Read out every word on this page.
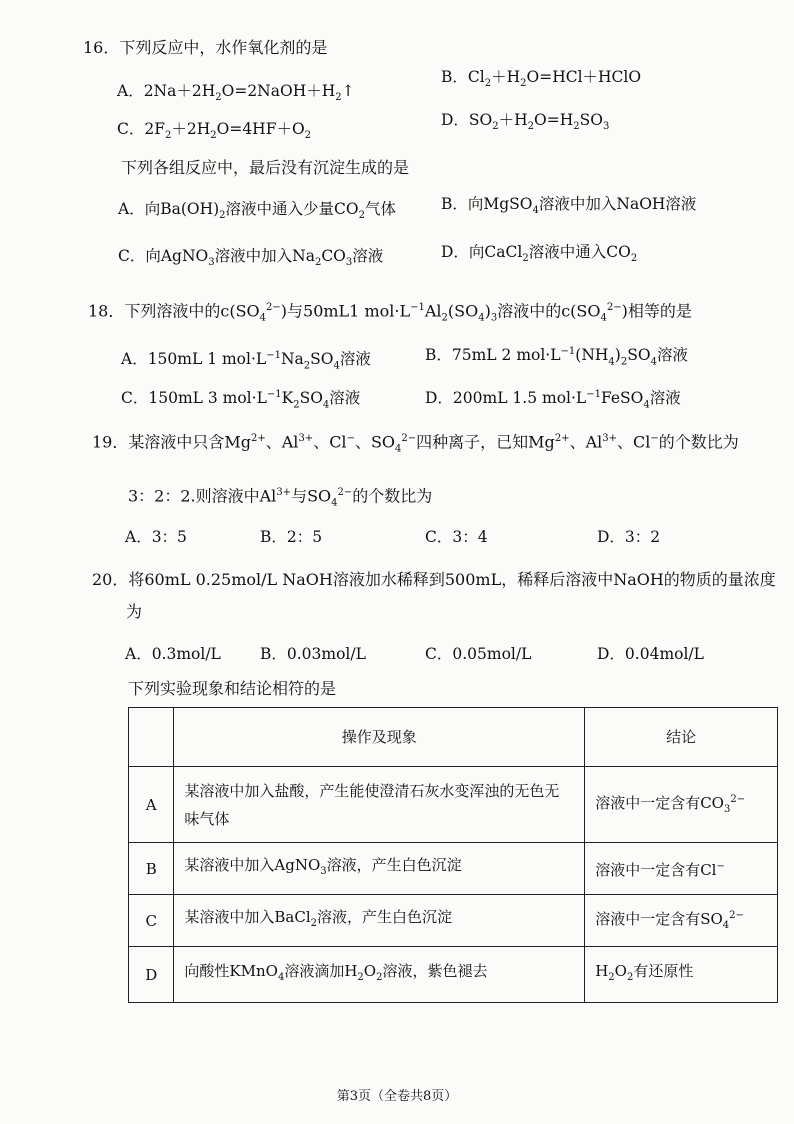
16．下列反应中，水作氧化剂的是
A．$2Na+2H_2O=2NaOH+H_2↑$
B．$Cl_2+H_2O=HCl+HClO$
C．$2F_2+2H_2O=4HF+O_2$
D．$SO_2+H_2O=H_2SO_3$
下列各组反应中，最后没有沉淀生成的是
A．向$Ba(OH)_2$溶液中通入少量$CO_2$气体	B．向MgSO$_4$溶液中加入NaOH溶液
C．向AgNO$_3$溶液中加入$Na_2CO_3$溶液	D．向CaCl$_2$溶液中通入$CO_2$
18．下列溶液中的$c(SO_4^{2-})$与50mL1 $mol\cdot L^{-1}Al_2(SO_4)_3$溶液中的$c(SO_4^{2-})$相等的是
A．150mL 1 $mol\cdot L^{-1}Na_2SO_4$溶液	B．75mL 2 $mol\cdot L^{-1}(NH_4)_2SO_4$溶液
C．150mL 3 $mol\cdot L^{-1}K_2SO_4$溶液	D．200mL 1.5 $mol\cdot L^{-1}FeSO_4$溶液
19．某溶液中只含$Mg^{2+}$、$Al^{3+}$、Cl−、$SO_4^{2-}$四种离子，已知$Mg^{2+}$、$Al^{3+}$、Cl−的个数比为
3：2：2.则溶液中$Al^{3+}$与$SO_4^{2-}$的个数比为
A．3：5	B．2：5	C．3：4	D．3：2
20．将60mL 0.25mol/L NaOH溶液加水稀释到500mL，稀释后溶液中NaOH的物质的量浓度
为
A．0.3mol/L	B．0.03mol/L	C．0.05mol/L	D．0.04mol/L
下列实验现象和结论相符的是
	操作及现象	结论
A	某溶液中加入盐酸，产生能使澄清石灰水变浑浊的无色无味气体	溶液中一定含有$CO_3^{2-}$
B	某溶液中加入AgNO$_3$溶液，产生白色沉淀	溶液中一定含有Cl−
C	某溶液中加入BaCl$_2$溶液，产生白色沉淀	溶液中一定含有$SO_4^{2-}$
D	向酸性KMnO$_4$溶液滴加$H_2O_2$溶液，紫色褪去	$H_2O_2$有还原性
第3页（全卷共8页）
